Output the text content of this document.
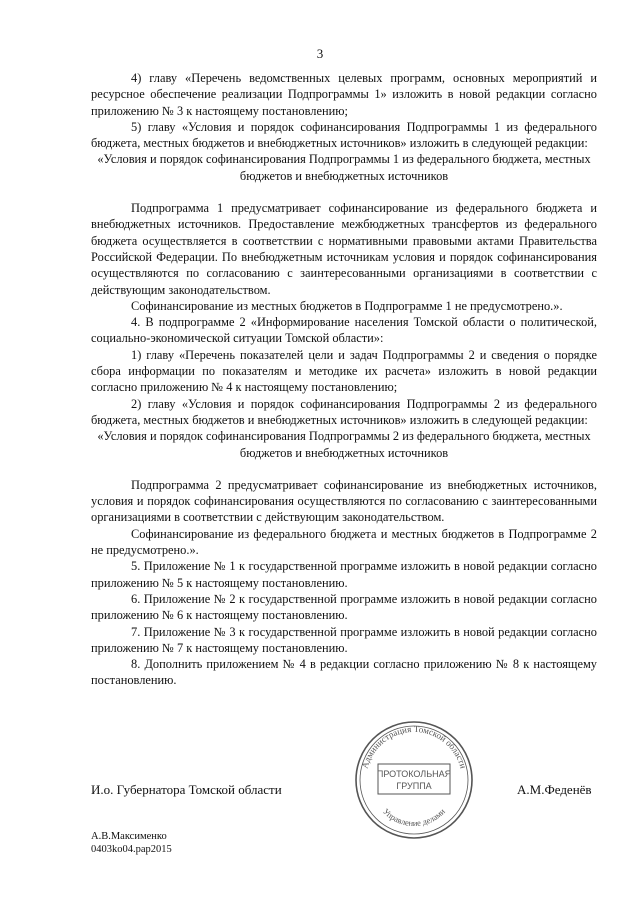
3

4) главу «Перечень ведомственных целевых программ, основных мероприятий и ресурсное обеспечение реализации Подпрограммы 1» изложить в новой редакции согласно приложению № 3 к настоящему постановлению;

5) главу «Условия и порядок софинансирования Подпрограммы 1 из федерального бюджета, местных бюджетов и внебюджетных источников» изложить в следующей редакции:

«Условия и порядок софинансирования Подпрограммы 1 из федерального бюджета, местных бюджетов и внебюджетных источников

Подпрограмма 1 предусматривает софинансирование из федерального бюджета и внебюджетных источников. Предоставление межбюджетных трансфертов из федерального бюджета осуществляется в соответствии с нормативными правовыми актами Правительства Российской Федерации. По внебюджетным источникам условия и порядок софинансирования осуществляются по согласованию с заинтересованными организациями в соответствии с действующим законодательством.

Софинансирование из местных бюджетов в Подпрограмме 1 не предусмотрено.».

4. В подпрограмме 2 «Информирование населения Томской области о политической, социально-экономической ситуации Томской области»:

1) главу «Перечень показателей цели и задач Подпрограммы 2 и сведения о порядке сбора информации по показателям и методике их расчета» изложить в новой редакции согласно приложению № 4 к настоящему постановлению;

2) главу «Условия и порядок софинансирования Подпрограммы 2 из федерального бюджета, местных бюджетов и внебюджетных источников» изложить в следующей редакции:

«Условия и порядок софинансирования Подпрограммы 2 из федерального бюджета, местных бюджетов и внебюджетных источников

Подпрограмма 2 предусматривает софинансирование из внебюджетных источников, условия и порядок софинансирования осуществляются по согласованию с заинтересованными организациями в соответствии с действующим законодательством.

Софинансирование из федерального бюджета и местных бюджетов в Подпрограмме 2 не предусмотрено.».

5. Приложение № 1 к государственной программе изложить в новой редакции согласно приложению № 5 к настоящему постановлению.

6. Приложение № 2 к государственной программе изложить в новой редакции согласно приложению № 6 к настоящему постановлению.

7. Приложение № 3 к государственной программе изложить в новой редакции согласно приложению № 7 к настоящему постановлению.

8. Дополнить приложением № 4 в редакции согласно приложению № 8 к настоящему постановлению.

Администрация Томской области
Управление делами
ПРОТОКОЛЬНАЯ
ГРУППА
И.о. Губернатора Томской области	А.М.Феденёв
А.В.Максименко
0403ko04.pap2015
